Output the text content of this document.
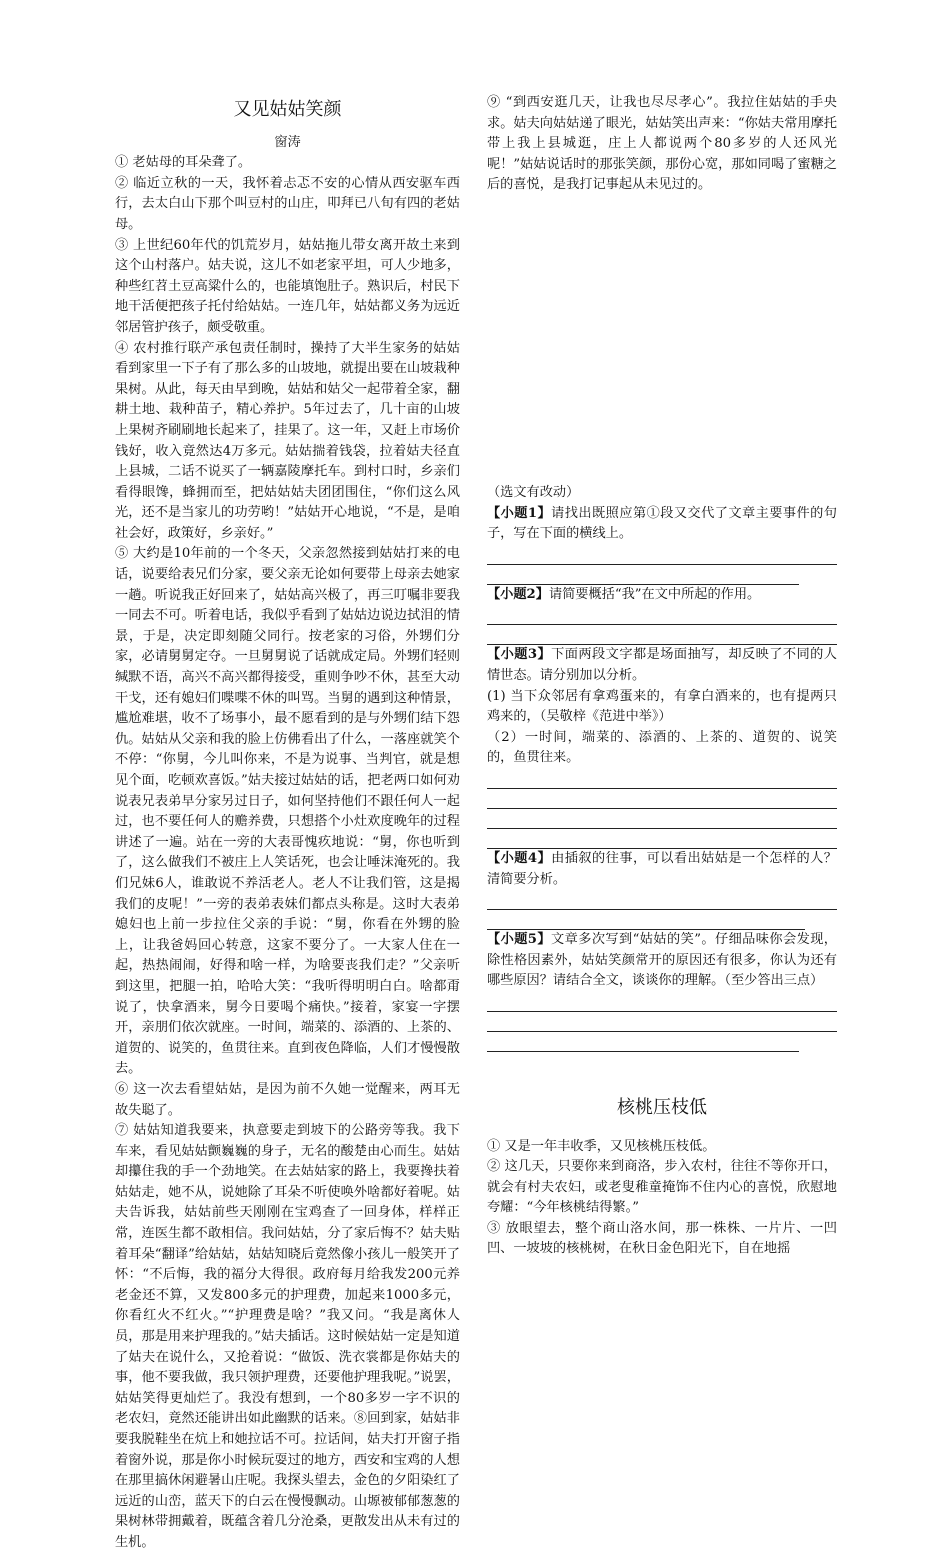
又见姑姑笑颜

窗涛

① 老姑母的耳朵聋了。

② 临近立秋的一天，我怀着忐忑不安的心情从西安驱车西行，去太白山下那个叫豆村的山庄，叩拜已八旬有四的老姑母。

③ 上世纪60年代的饥荒岁月，姑姑拖儿带女离开故土来到这个山村落户。姑夫说，这儿不如老家平坦，可人少地多，种些红苕土豆高粱什么的，也能填饱肚子。熟识后，村民下地干活便把孩子托付给姑姑。一连几年，姑姑都义务为远近邻居管护孩子，颇受敬重。

④ 农村推行联产承包责任制时，操持了大半生家务的姑姑看到家里一下子有了那么多的山坡地，就提出要在山坡栽种果树。从此，每天由早到晚，姑姑和姑父一起带着全家，翻耕土地、栽种苗子，精心养护。5年过去了，几十亩的山坡上果树齐刷刷地长起来了，挂果了。这一年，又赶上市场价钱好，收入竟然达4万多元。姑姑揣着钱袋，拉着姑夫径直上县城，二话不说买了一辆嘉陵摩托车。到村口时，乡亲们看得眼馋，蜂拥而至，把姑姑姑夫团团围住，“你们这么风光，还不是当家儿的功劳哟！”姑姑开心地说，“不是，是咱社会好，政策好，乡亲好。”

⑤ 大约是10年前的一个冬天，父亲忽然接到姑姑打来的电话，说要给表兄们分家，要父亲无论如何要带上母亲去她家一趟。听说我正好回来了，姑姑高兴极了，再三叮嘱非要我一同去不可。听着电话，我似乎看到了姑姑边说边拭泪的情景，于是，决定即刻随父同行。按老家的习俗，外甥们分家，必请舅舅定夺。一旦舅舅说了话就成定局。外甥们轻则缄默不语，高兴不高兴都得接受，重则争吵不休，甚至大动干戈，还有媳妇们喋喋不休的叫骂。当舅的遇到这种情景，尴尬难堪，收不了场事小，最不愿看到的是与外甥们结下怨仇。姑姑从父亲和我的脸上仿佛看出了什么，一落座就笑个不停：“你舅，今儿叫你来，不是为说事、当判官，就是想见个面，吃顿欢喜饭。”姑夫接过姑姑的话，把老两口如何劝说表兄表弟早分家另过日子，如何坚持他们不跟任何人一起过，也不要任何人的赡养费，只想搭个小灶欢度晚年的过程讲述了一遍。站在一旁的大表哥愧疚地说：“舅，你也听到了，这么做我们不被庄上人笑话死，也会让唾沫淹死的。我们兄妹6人，谁敢说不养活老人。老人不让我们管，这是揭我们的皮呢！”一旁的表弟表妹们都点头称是。这时大表弟媳妇也上前一步拉住父亲的手说：“舅，你看在外甥的脸上，让我爸妈回心转意，这家不要分了。一大家人住在一起，热热闹闹，好得和啥一样，为啥要丧我们走？”父亲听到这里，把腿一拍，哈哈大笑：“我听得明明白白。啥都甭说了，快拿酒来，舅今日要喝个痛快。”接着，家宴一字摆开，亲朋们依次就座。一时间，端菜的、添酒的、上茶的、道贺的、说笑的，鱼贯往来。直到夜色降临，人们才慢慢散去。

⑥ 这一次去看望姑姑，是因为前不久她一觉醒来，两耳无故失聪了。

⑦ 姑姑知道我要来，执意要走到坡下的公路旁等我。我下车来，看见姑姑颤巍巍的身子，无名的酸楚由心而生。姑姑却攥住我的手一个劲地笑。在去姑姑家的路上，我要搀扶着姑姑走，她不从，说她除了耳朵不听使唤外啥都好着呢。姑夫告诉我，姑姑前些天刚刚在宝鸡查了一回身体，样样正常，连医生都不敢相信。我问姑姑，分了家后悔不？姑夫贴着耳朵“翻译”给姑姑，姑姑知晓后竟然像小孩儿一般笑开了怀：“不后悔，我的福分大得很。政府每月给我发200元养老金还不算，又发800多元的护理费，加起来1000多元，你看红火不红火。”“护理费是啥？”我又问。“我是离休人员，那是用来护理我的。”姑夫插话。这时候姑姑一定是知道了姑夫在说什么，又抢着说：“做饭、洗衣裳都是你姑夫的事，他不要我做，我只领护理费，还要他护理我呢。”说罢，姑姑笑得更灿烂了。我没有想到，一个80多岁一字不识的老农妇，竟然还能讲出如此幽默的话来。⑧回到家，姑姑非要我脱鞋坐在炕上和她拉话不可。拉话间，姑夫打开窗子指着窗外说，那是你小时候玩耍过的地方，西安和宝鸡的人想在那里搞休闲避暑山庄呢。我探头望去，金色的夕阳染红了远近的山峦，蓝天下的白云在慢慢飘动。山塬被郁郁葱葱的果树林带拥戴着，既蕴含着几分沧桑，更散发出从未有过的生机。

⑨ “到西安逛几天，让我也尽尽孝心”。我拉住姑姑的手央求。姑夫向姑姑递了眼光，姑姑笑出声来：“你姑夫常用摩托带上我上县城逛，庄上人都说两个80多岁的人还风光呢！”姑姑说话时的那张笑颜，那份心宽，那如同喝了蜜糖之后的喜悦，是我打记事起从未见过的。

（选文有改动）

【小题1】请找出既照应第①段又交代了文章主要事件的句子，写在下面的横线上。

【小题2】请简要概括“我”在文中所起的作用。

【小题3】下面两段文字都是场面抽写，却反映了不同的人情世态。请分别加以分析。

(1) 当下众邻居有拿鸡蛋来的，有拿白酒来的，也有提两只鸡来的，（吴敬梓《范进中举》）

（2）一时间，端菜的、添酒的、上茶的、道贺的、说笑的，鱼贯往来。

【小题4】由插叙的往事，可以看出姑姑是一个怎样的人？清简要分析。

【小题5】文章多次写到“姑姑的笑”。仔细品味你会发现，除性格因素外，姑姑笑颜常开的原因还有很多，你认为还有哪些原因？请结合全文，谈谈你的理解。（至少答出三点）

核桃压枝低

① 又是一年丰收季，又见核桃压枝低。

② 这几天，只要你来到商洛，步入农村，往往不等你开口，就会有村夫农妇，或老叟稚童掩饰不住内心的喜悦，欣慰地夸耀：“今年核桃结得繁。”

③ 放眼望去，整个商山洛水间，那一株株、一片片、一凹凹、一坡坡的核桃树，在秋日金色阳光下，自在地摇
